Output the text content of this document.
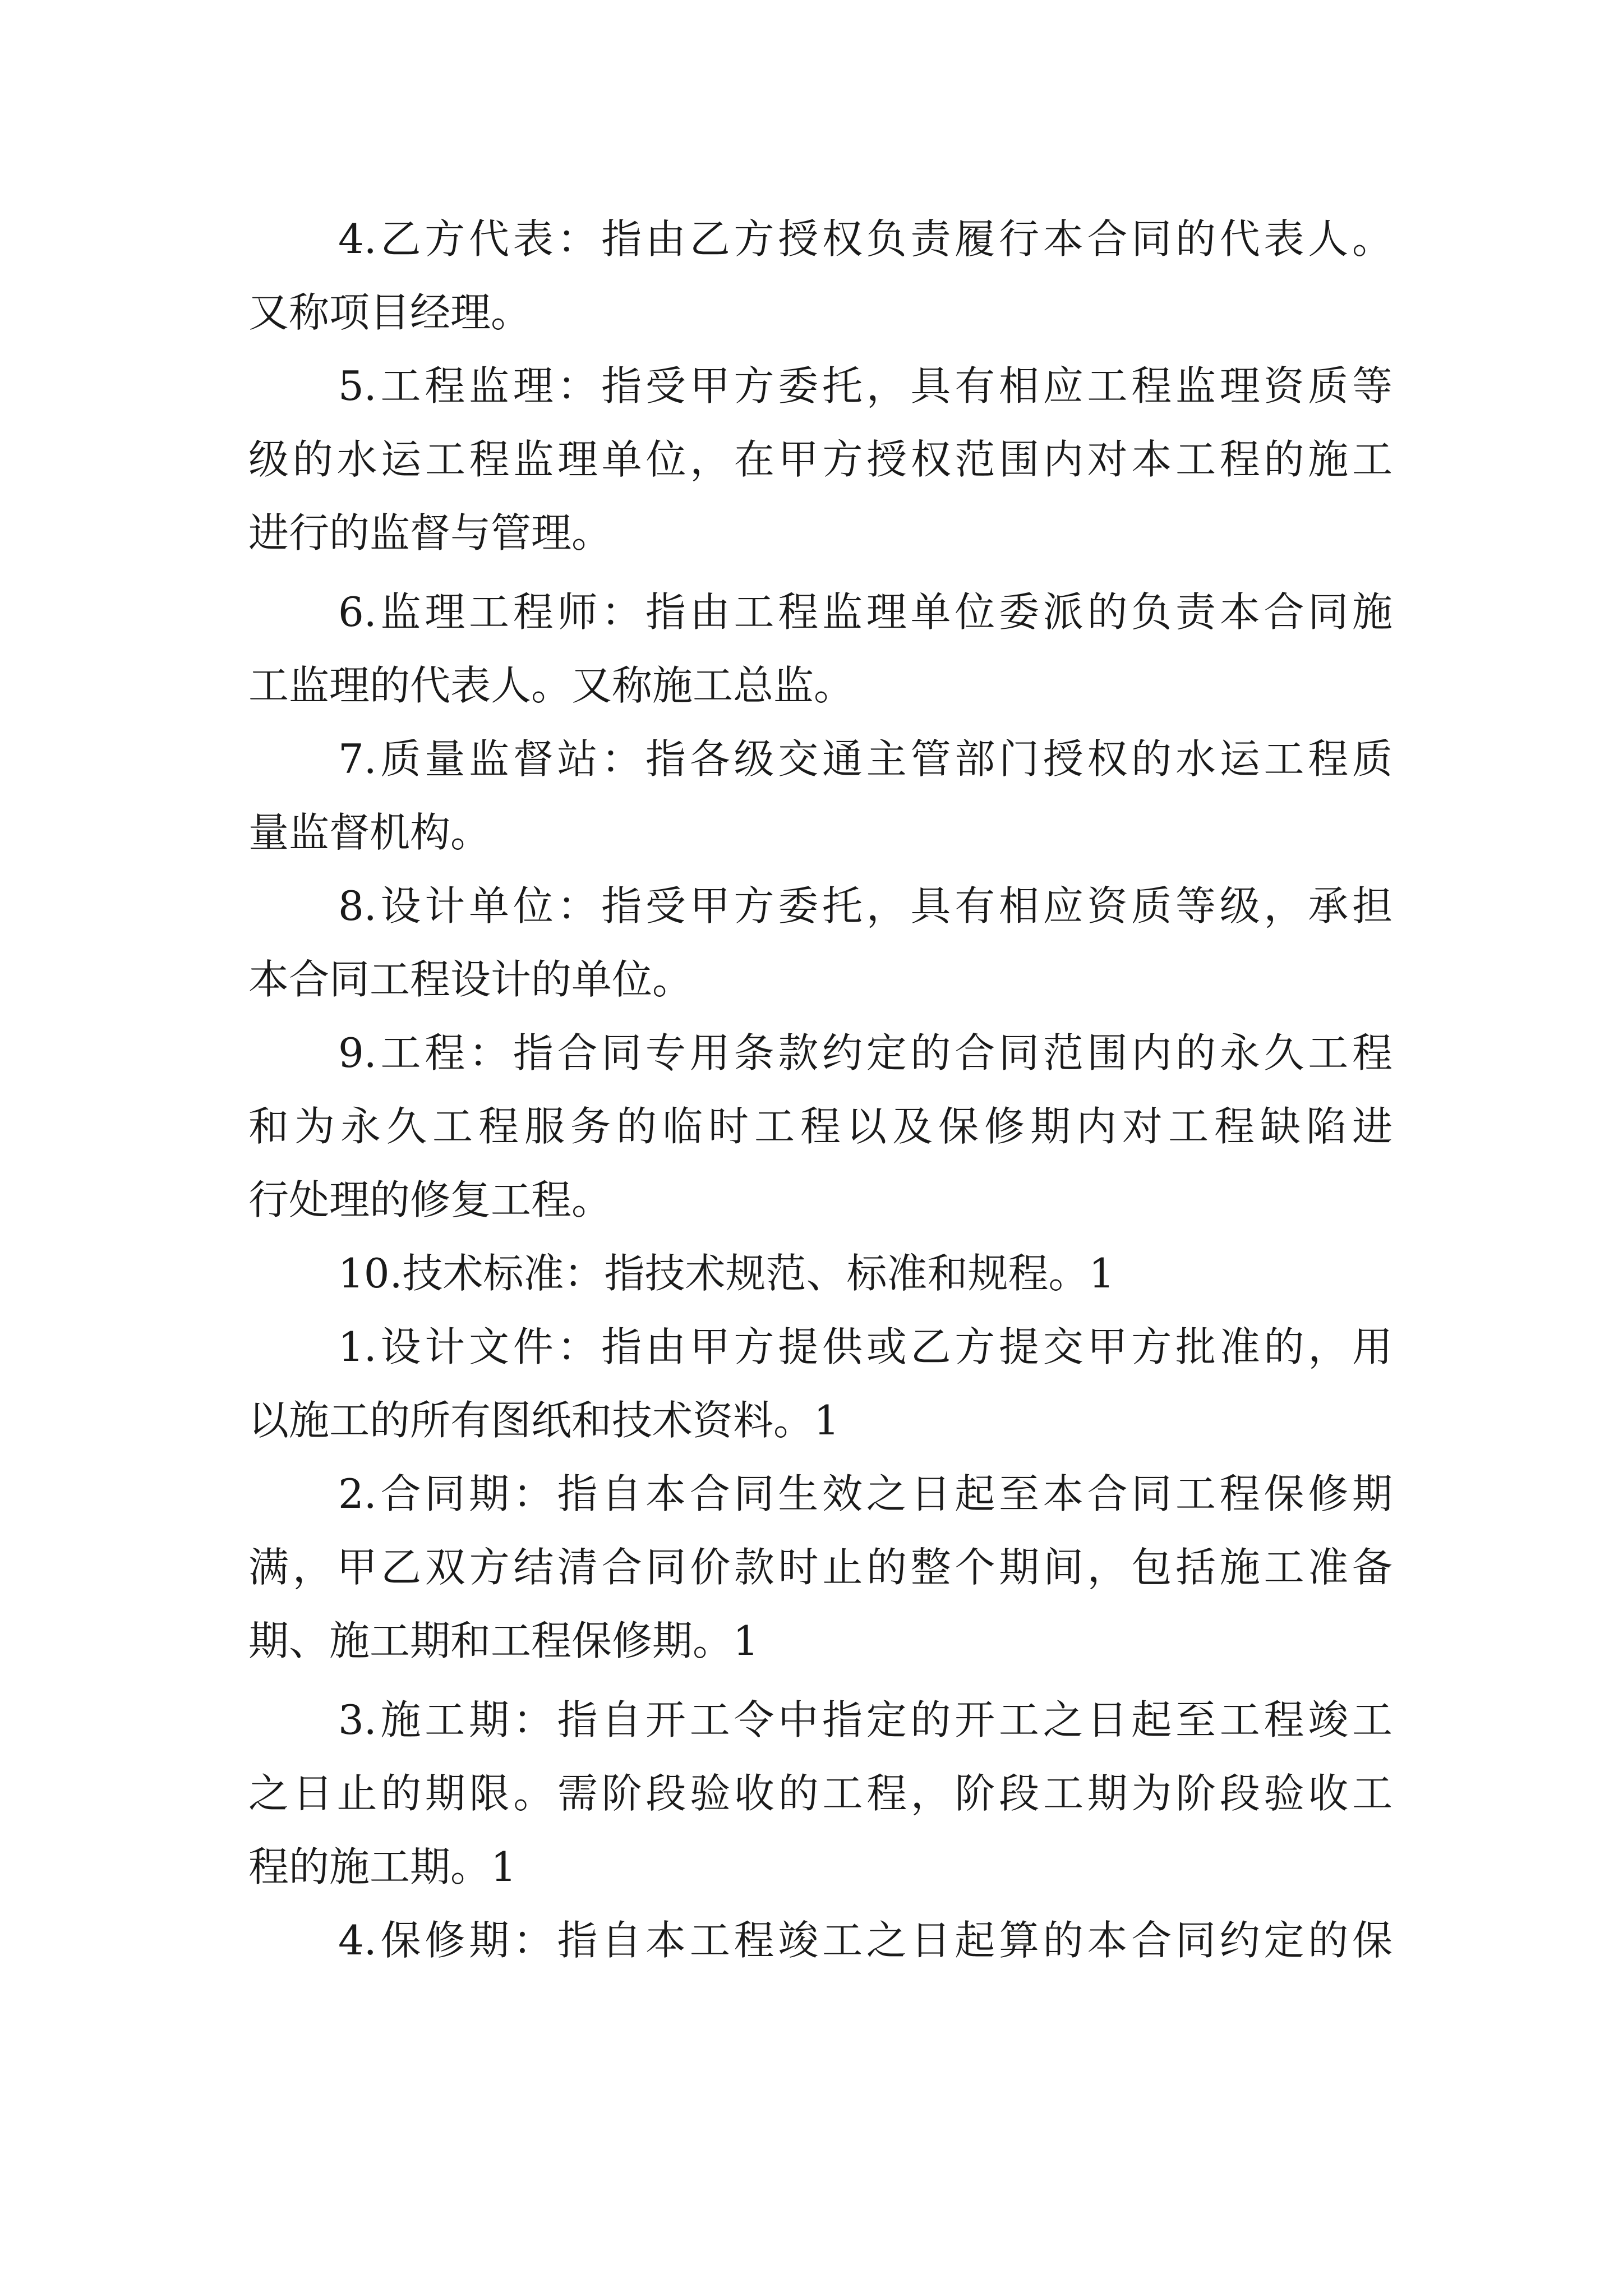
4.乙方代表：指由乙方授权负责履行本合同的代表人。

又称项目经理。

5.工程监理：指受甲方委托，具有相应工程监理资质等

级的水运工程监理单位，在甲方授权范围内对本工程的施工

进行的监督与管理。

6.监理工程师：指由工程监理单位委派的负责本合同施

工监理的代表人。又称施工总监。

7.质量监督站：指各级交通主管部门授权的水运工程质

量监督机构。

8.设计单位：指受甲方委托，具有相应资质等级，承担

本合同工程设计的单位。

9.工程：指合同专用条款约定的合同范围内的永久工程

和为永久工程服务的临时工程以及保修期内对工程缺陷进

行处理的修复工程。

10.技术标准：指技术规范、标准和规程。1

1.设计文件：指由甲方提供或乙方提交甲方批准的，用

以施工的所有图纸和技术资料。1

2.合同期：指自本合同生效之日起至本合同工程保修期

满，甲乙双方结清合同价款时止的整个期间，包括施工准备

期、施工期和工程保修期。1

3.施工期：指自开工令中指定的开工之日起至工程竣工

之日止的期限。需阶段验收的工程，阶段工期为阶段验收工

程的施工期。1

4.保修期：指自本工程竣工之日起算的本合同约定的保
